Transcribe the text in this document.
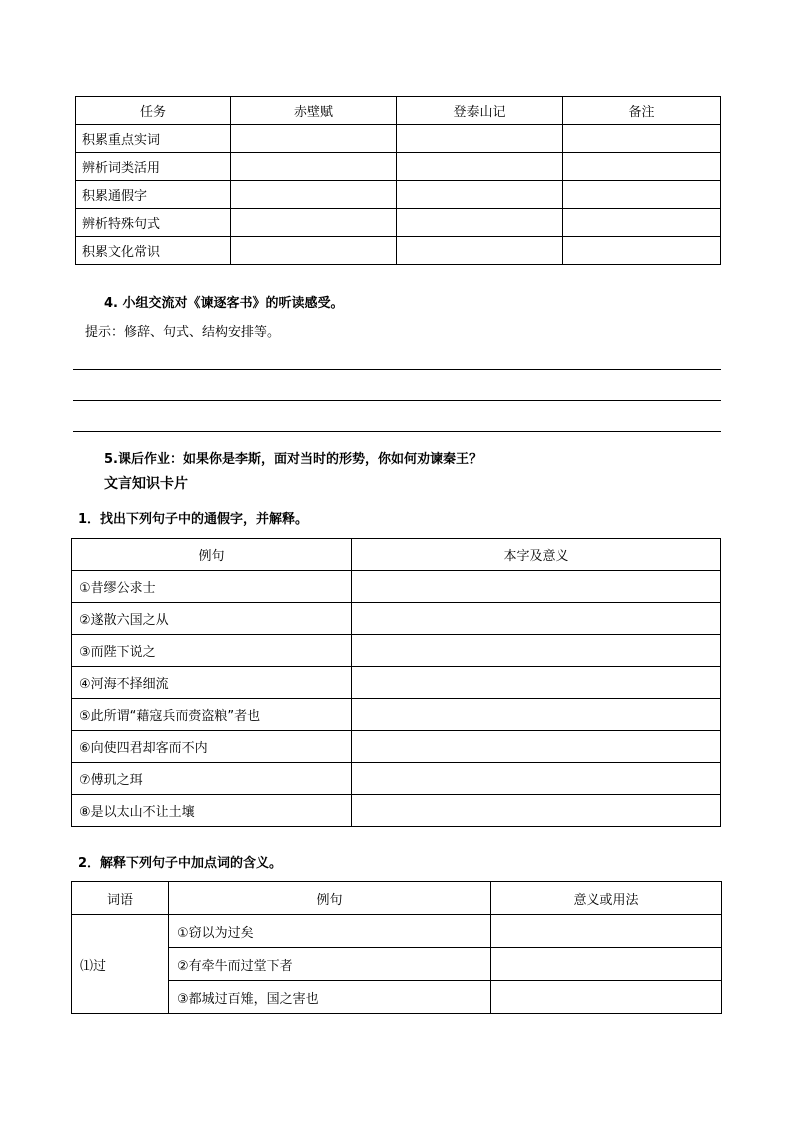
任务	赤壁赋	登泰山记	备注
积累重点实词			
辨析词类活用			
积累通假字			
辨析特殊句式			
积累文化常识			

4. 小组交流对《谏逐客书》的听读感受。

提示：修辞、句式、结构安排等。

5.课后作业：如果你是李斯，面对当时的形势，你如何劝谏秦王？

文言知识卡片

1．找出下列句子中的通假字，并解释。

例句	本字及意义
①昔缪公求士	
②遂散六国之从	
③而陛下说之	
④河海不择细流	
⑤此所谓“藉寇兵而赍盗粮”者也	
⑥向使四君却客而不内	
⑦傅玑之珥	
⑧是以太山不让土壤	

2．解释下列句子中加点词的含义。

词语	例句	意义或用法
⑴过	①窃以为过矣	
	②有牵牛而过堂下者	
	③都城过百雉，国之害也	
